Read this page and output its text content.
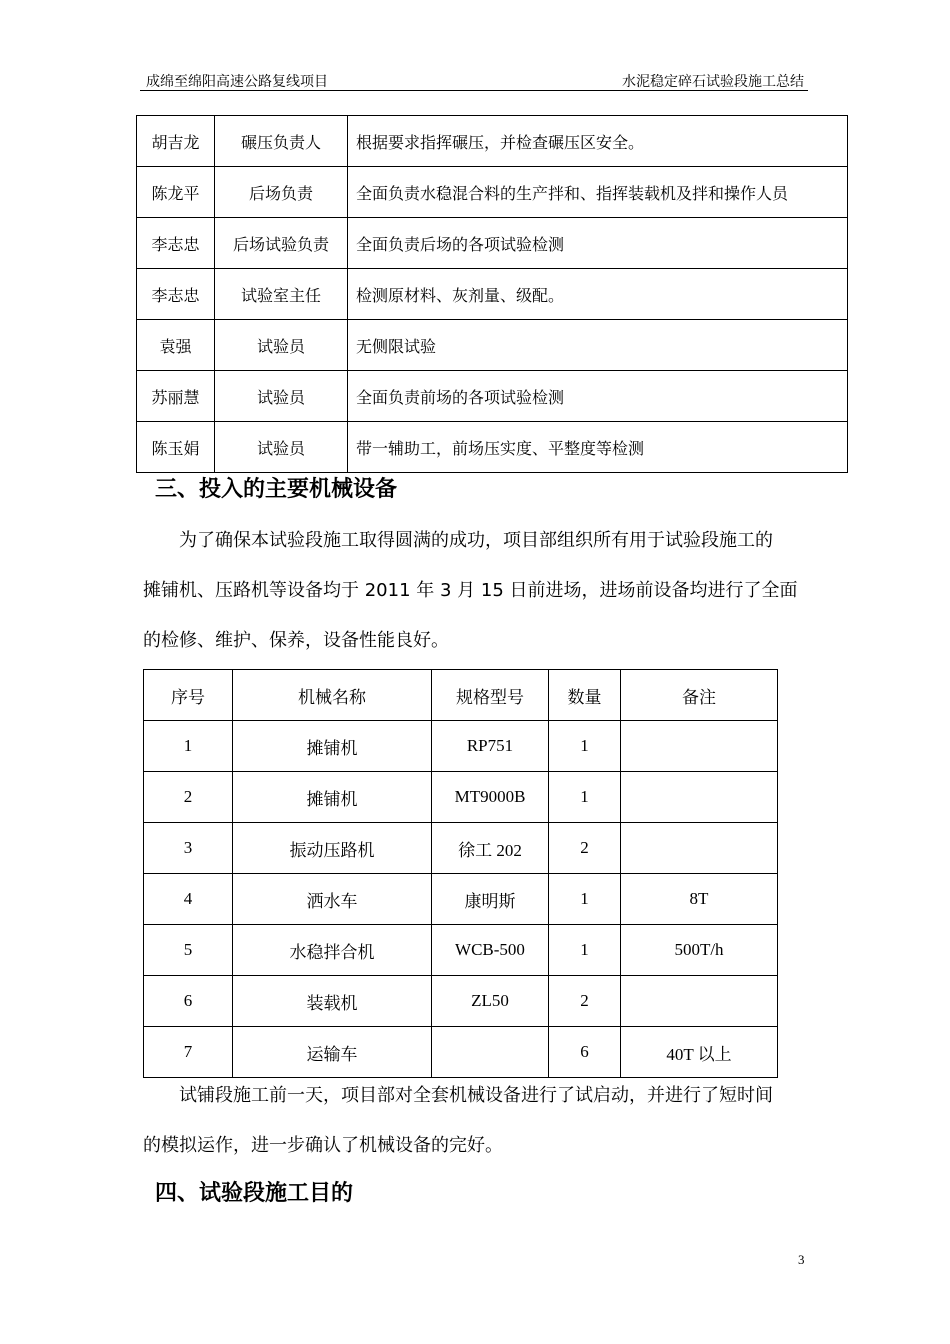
成绵至绵阳高速公路复线项目	水泥稳定碎石试验段施工总结
胡吉龙	碾压负责人	根据要求指挥碾压，并检查碾压区安全。
陈龙平	后场负责	全面负责水稳混合料的生产拌和、指挥装载机及拌和操作人员
李志忠	后场试验负责	全面负责后场的各项试验检测
李志忠	试验室主任	检测原材料、灰剂量、级配。
袁强	试验员	无侧限试验
苏丽慧	试验员	全面负责前场的各项试验检测
陈玉娟	试验员	带一辅助工，前场压实度、平整度等检测
三、投入的主要机械设备
为了确保本试验段施工取得圆满的成功，项目部组织所有用于试验段施工的
摊铺机、压路机等设备均于 2011 年 3 月 15 日前进场，进场前设备均进行了全面
的检修、维护、保养，设备性能良好。
序号	机械名称	规格型号	数量	备注
1	摊铺机	RP751	1	
2	摊铺机	MT9000B	1	
3	振动压路机	徐工 202	2	
4	洒水车	康明斯	1	8T
5	水稳拌合机	WCB-500	1	500T/h
6	装载机	ZL50	2	
7	运输车		6	40T 以上
试铺段施工前一天，项目部对全套机械设备进行了试启动，并进行了短时间
的模拟运作，进一步确认了机械设备的完好。
四、试验段施工目的
3
